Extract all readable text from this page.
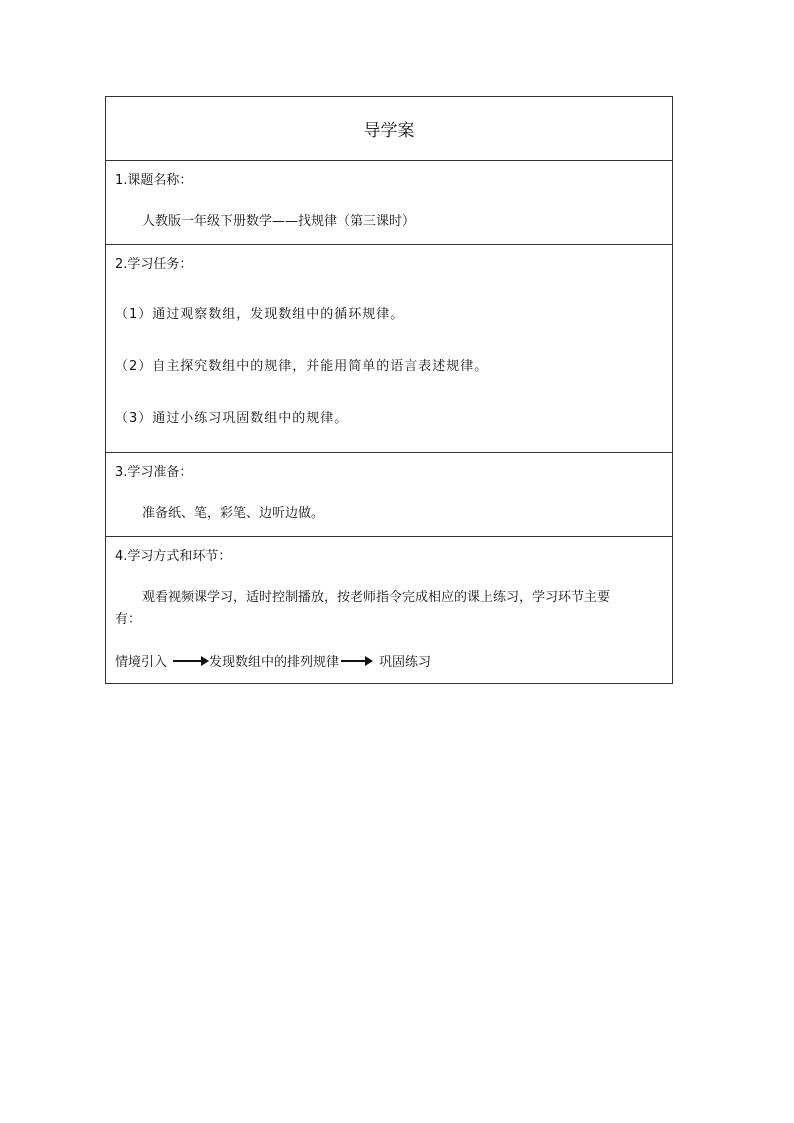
导学案
1.课题名称：
人教版一年级下册数学——找规律（第三课时）
2.学习任务：
（1）通过观察数组，发现数组中的循环规律。
（2）自主探究数组中的规律，并能用简单的语言表述规律。
（3）通过小练习巩固数组中的规律。
3.学习准备：
准备纸、笔，彩笔、边听边做。
4.学习方式和环节：
观看视频课学习，适时控制播放，按老师指令完成相应的课上练习，学习环节主要
有：
情境引入	发现数组中的排列规律	巩固练习
